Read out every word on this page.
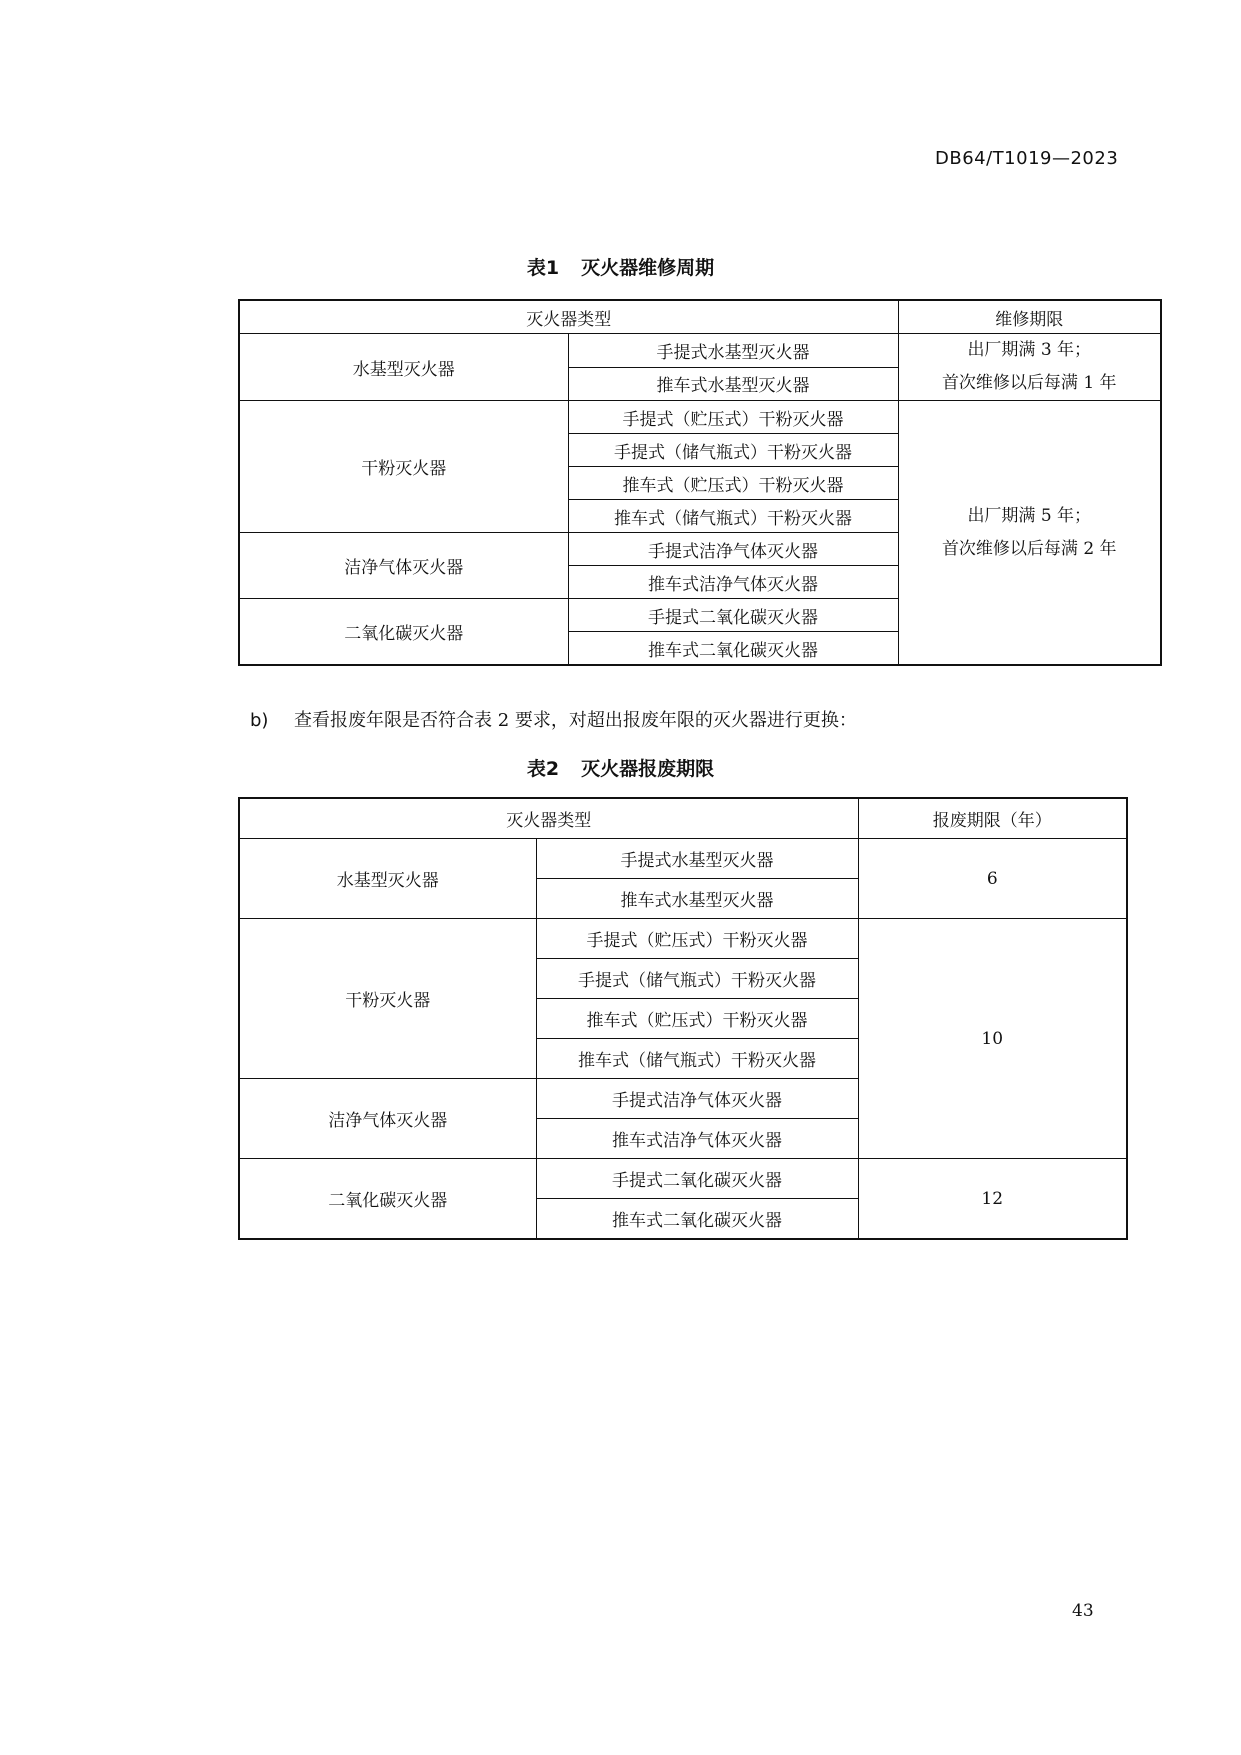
DB64/T1019—2023
表1 灭火器维修周期
灭火器类型		维修期限
水基型灭火器	手提式水基型灭火器	出厂期满 3 年；
首次维修以后每满 1 年

	推车式水基型灭火器	
干粉灭火器	手提式（贮压式）干粉灭火器	出厂期满 5 年；
首次维修以后每满 2 年

	手提式（储气瓶式）干粉灭火器	
	推车式（贮压式）干粉灭火器	
	推车式（储气瓶式）干粉灭火器	
洁净气体灭火器	手提式洁净气体灭火器	
	推车式洁净气体灭火器	
二氧化碳灭火器	手提式二氧化碳灭火器	
	推车式二氧化碳灭火器	
b) 查看报废年限是否符合表 2 要求，对超出报废年限的灭火器进行更换：
表2 灭火器报废期限
灭火器类型		报废期限（年）
水基型灭火器	手提式水基型灭火器	6
	推车式水基型灭火器	
干粉灭火器	手提式（贮压式）干粉灭火器	10
	手提式（储气瓶式）干粉灭火器	
	推车式（贮压式）干粉灭火器	
	推车式（储气瓶式）干粉灭火器	
洁净气体灭火器	手提式洁净气体灭火器	
	推车式洁净气体灭火器	
二氧化碳灭火器	手提式二氧化碳灭火器	12
	推车式二氧化碳灭火器	
43
